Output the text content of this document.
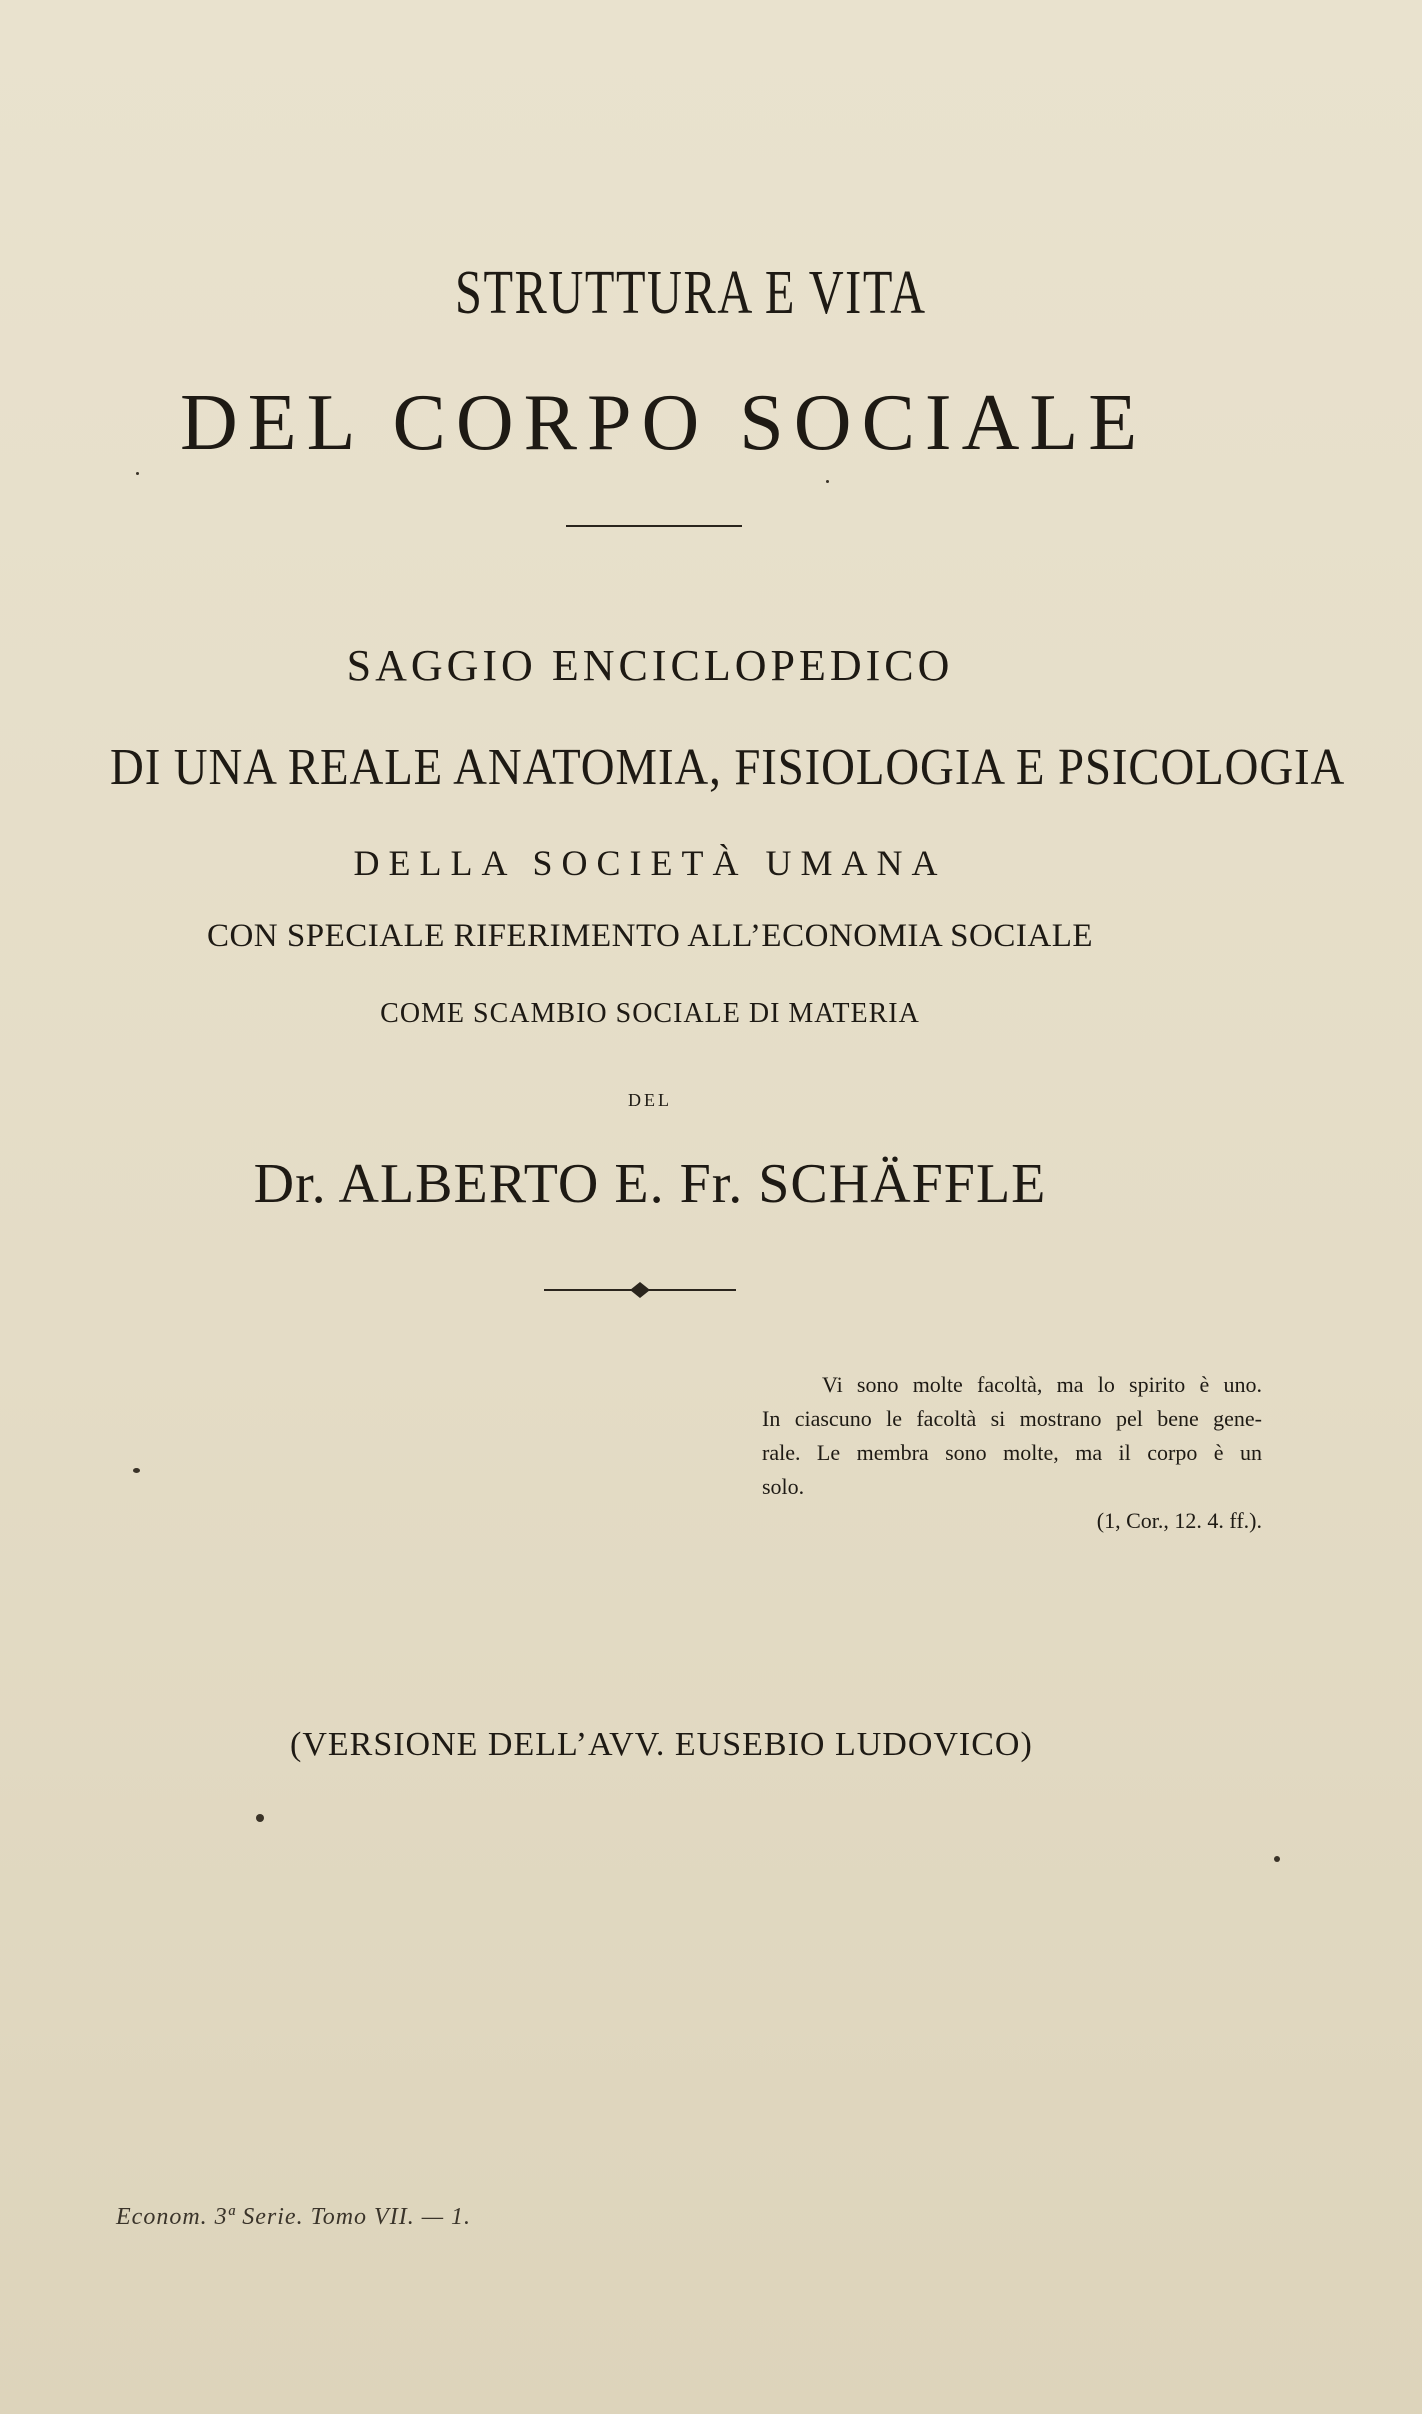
STRUTTURA E VITA
DEL CORPO SOCIALE
SAGGIO ENCICLOPEDICO
DI UNA REALE ANATOMIA, FISIOLOGIA E PSICOLOGIA
DELLA SOCIETÀ UMANA
CON SPECIALE RIFERIMENTO ALL’ECONOMIA SOCIALE
COME SCAMBIO SOCIALE DI MATERIA
DEL
Dr. ALBERTO E. Fr. SCHÄFFLE
Vi sono molte facoltà, ma lo spirito è uno.
In ciascuno le facoltà si mostrano pel bene gene-
rale. Le membra sono molte, ma il corpo è un
solo.
(1, Cor., 12. 4. ff.).
(VERSIONE DELL’AVV. EUSEBIO LUDOVICO)
Econom. 3ª Serie. Tomo VII. — 1.
